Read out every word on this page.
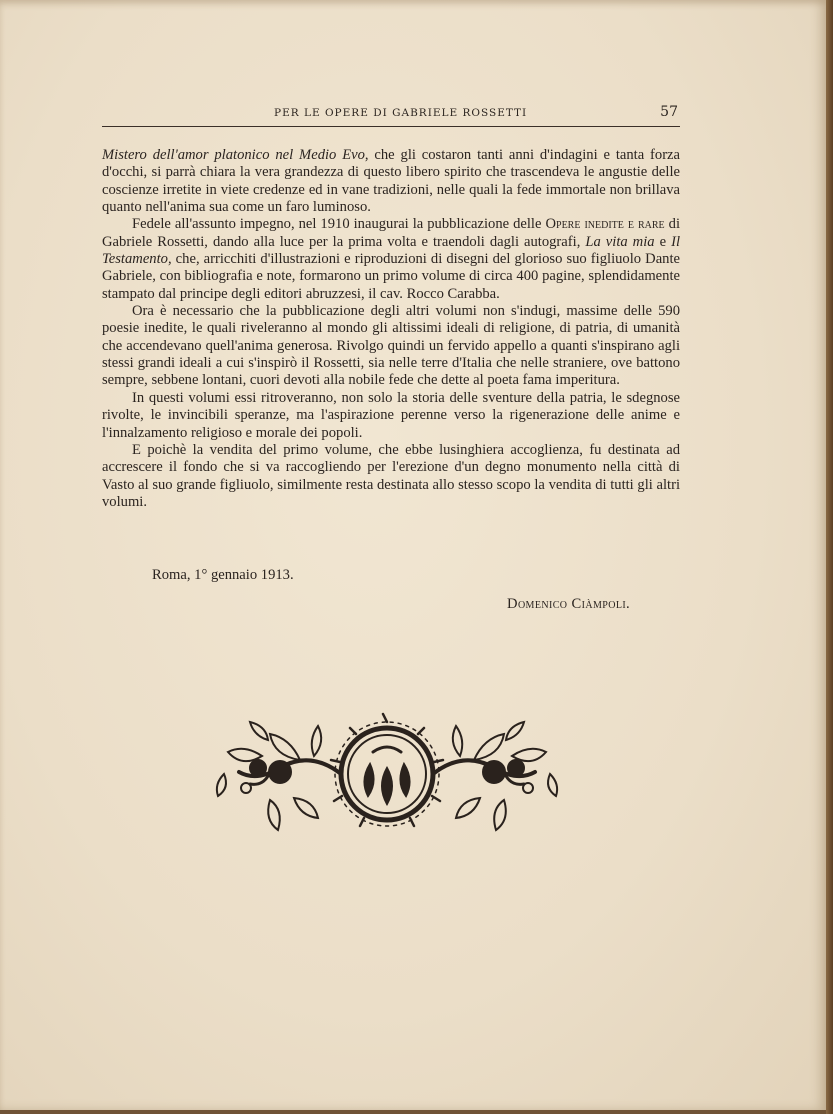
PER LE OPERE DI GABRIELE ROSSETTI	57

Mistero dell'amor platonico nel Medio Evo, che gli costaron tanti anni d'indagini e tanta forza d'occhi, si parrà chiara la vera grandezza di questo libero spirito che trascendeva le angustie delle coscienze irretite in viete credenze ed in vane tradizioni, nelle quali la fede immortale non brillava quanto nell'anima sua come un faro luminoso.

Fedele all'assunto impegno, nel 1910 inaugurai la pubblicazione delle Opere inedite e rare di Gabriele Rossetti, dando alla luce per la prima volta e traendoli dagli autografi, La vita mia e Il Testamento, che, arricchiti d'illustrazioni e riproduzioni di disegni del glorioso suo figliuolo Dante Gabriele, con bibliografia e note, formarono un primo volume di circa 400 pagine, splendidamente stampato dal principe degli editori abruzzesi, il cav. Rocco Carabba.

Ora è necessario che la pubblicazione degli altri volumi non s'indugi, massime delle 590 poesie inedite, le quali riveleranno al mondo gli altissimi ideali di religione, di patria, di umanità che accendevano quell'anima generosa. Rivolgo quindi un fervido appello a quanti s'inspirano agli stessi grandi ideali a cui s'inspirò il Rossetti, sia nelle terre d'Italia che nelle straniere, ove battono sempre, sebbene lontani, cuori devoti alla nobile fede che dette al poeta fama imperitura.

In questi volumi essi ritroveranno, non solo la storia delle sventure della patria, le sdegnose rivolte, le invincibili speranze, ma l'aspirazione perenne verso la rigenerazione delle anime e l'innalzamento religioso e morale dei popoli.

E poichè la vendita del primo volume, che ebbe lusinghiera accoglienza, fu destinata ad accrescere il fondo che si va raccogliendo per l'erezione d'un degno monumento nella città di Vasto al suo grande figliuolo, similmente resta destinata allo stesso scopo la vendita di tutti gli altri volumi.

Roma, 1° gennaio 1913.
Domenico Ciàmpoli.
